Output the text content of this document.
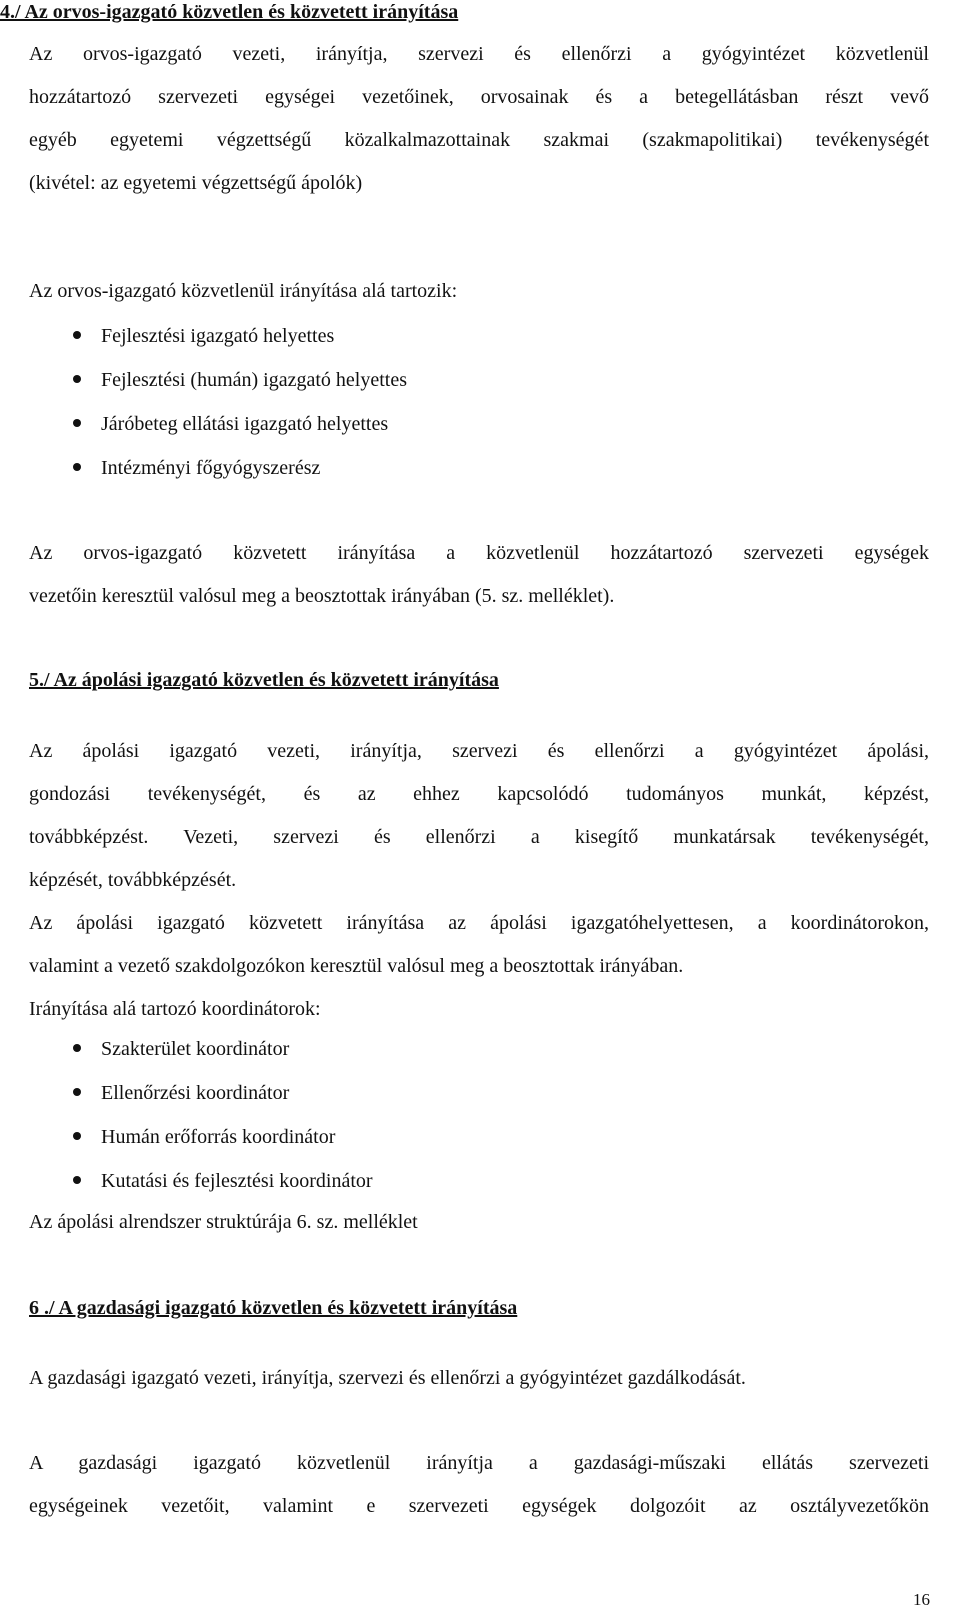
4./ Az orvos-igazgató közvetlen és közvetett irányítása

Az orvos-igazgató vezeti, irányítja, szervezi és ellenőrzi a gyógyintézet közvetlenül
hozzátartozó szervezeti egységei vezetőinek, orvosainak és a betegellátásban részt vevő
egyéb egyetemi végzettségű közalkalmazottainak szakmai (szakmapolitikai) tevékenységét
(kivétel: az egyetemi végzettségű ápolók)
Az orvos-igazgató közvetlenül irányítása alá tartozik:
Fejlesztési igazgató helyettes
Fejlesztési (humán) igazgató helyettes
Járóbeteg ellátási igazgató helyettes
Intézményi főgyógyszerész
Az orvos-igazgató közvetett irányítása a közvetlenül hozzátartozó szervezeti egységek
vezetőin keresztül valósul meg a beosztottak irányában (5. sz. melléklet).

5./ Az ápolási igazgató közvetlen és közvetett irányítása

Az ápolási igazgató vezeti, irányítja, szervezi és ellenőrzi a gyógyintézet ápolási,
gondozási tevékenységét, és az ehhez kapcsolódó tudományos munkát, képzést,
továbbképzést. Vezeti, szervezi és ellenőrzi a kisegítő munkatársak tevékenységét,
képzését, továbbképzését.
Az ápolási igazgató közvetett irányítása az ápolási igazgatóhelyettesen, a koordinátorokon,
valamint a vezető szakdolgozókon keresztül valósul meg a beosztottak irányában.
Irányítása alá tartozó koordinátorok:
Szakterület koordinátor
Ellenőrzési koordinátor
Humán erőforrás koordinátor
Kutatási és fejlesztési koordinátor
Az ápolási alrendszer struktúrája 6. sz. melléklet

6 ./ A gazdasági igazgató közvetlen és közvetett irányítása

A gazdasági igazgató vezeti, irányítja, szervezi és ellenőrzi a gyógyintézet gazdálkodását.
A gazdasági igazgató közvetlenül irányítja a gazdasági-műszaki ellátás szervezeti
egységeinek vezetőit, valamint e szervezeti egységek dolgozóit az osztályvezetőkön
16
